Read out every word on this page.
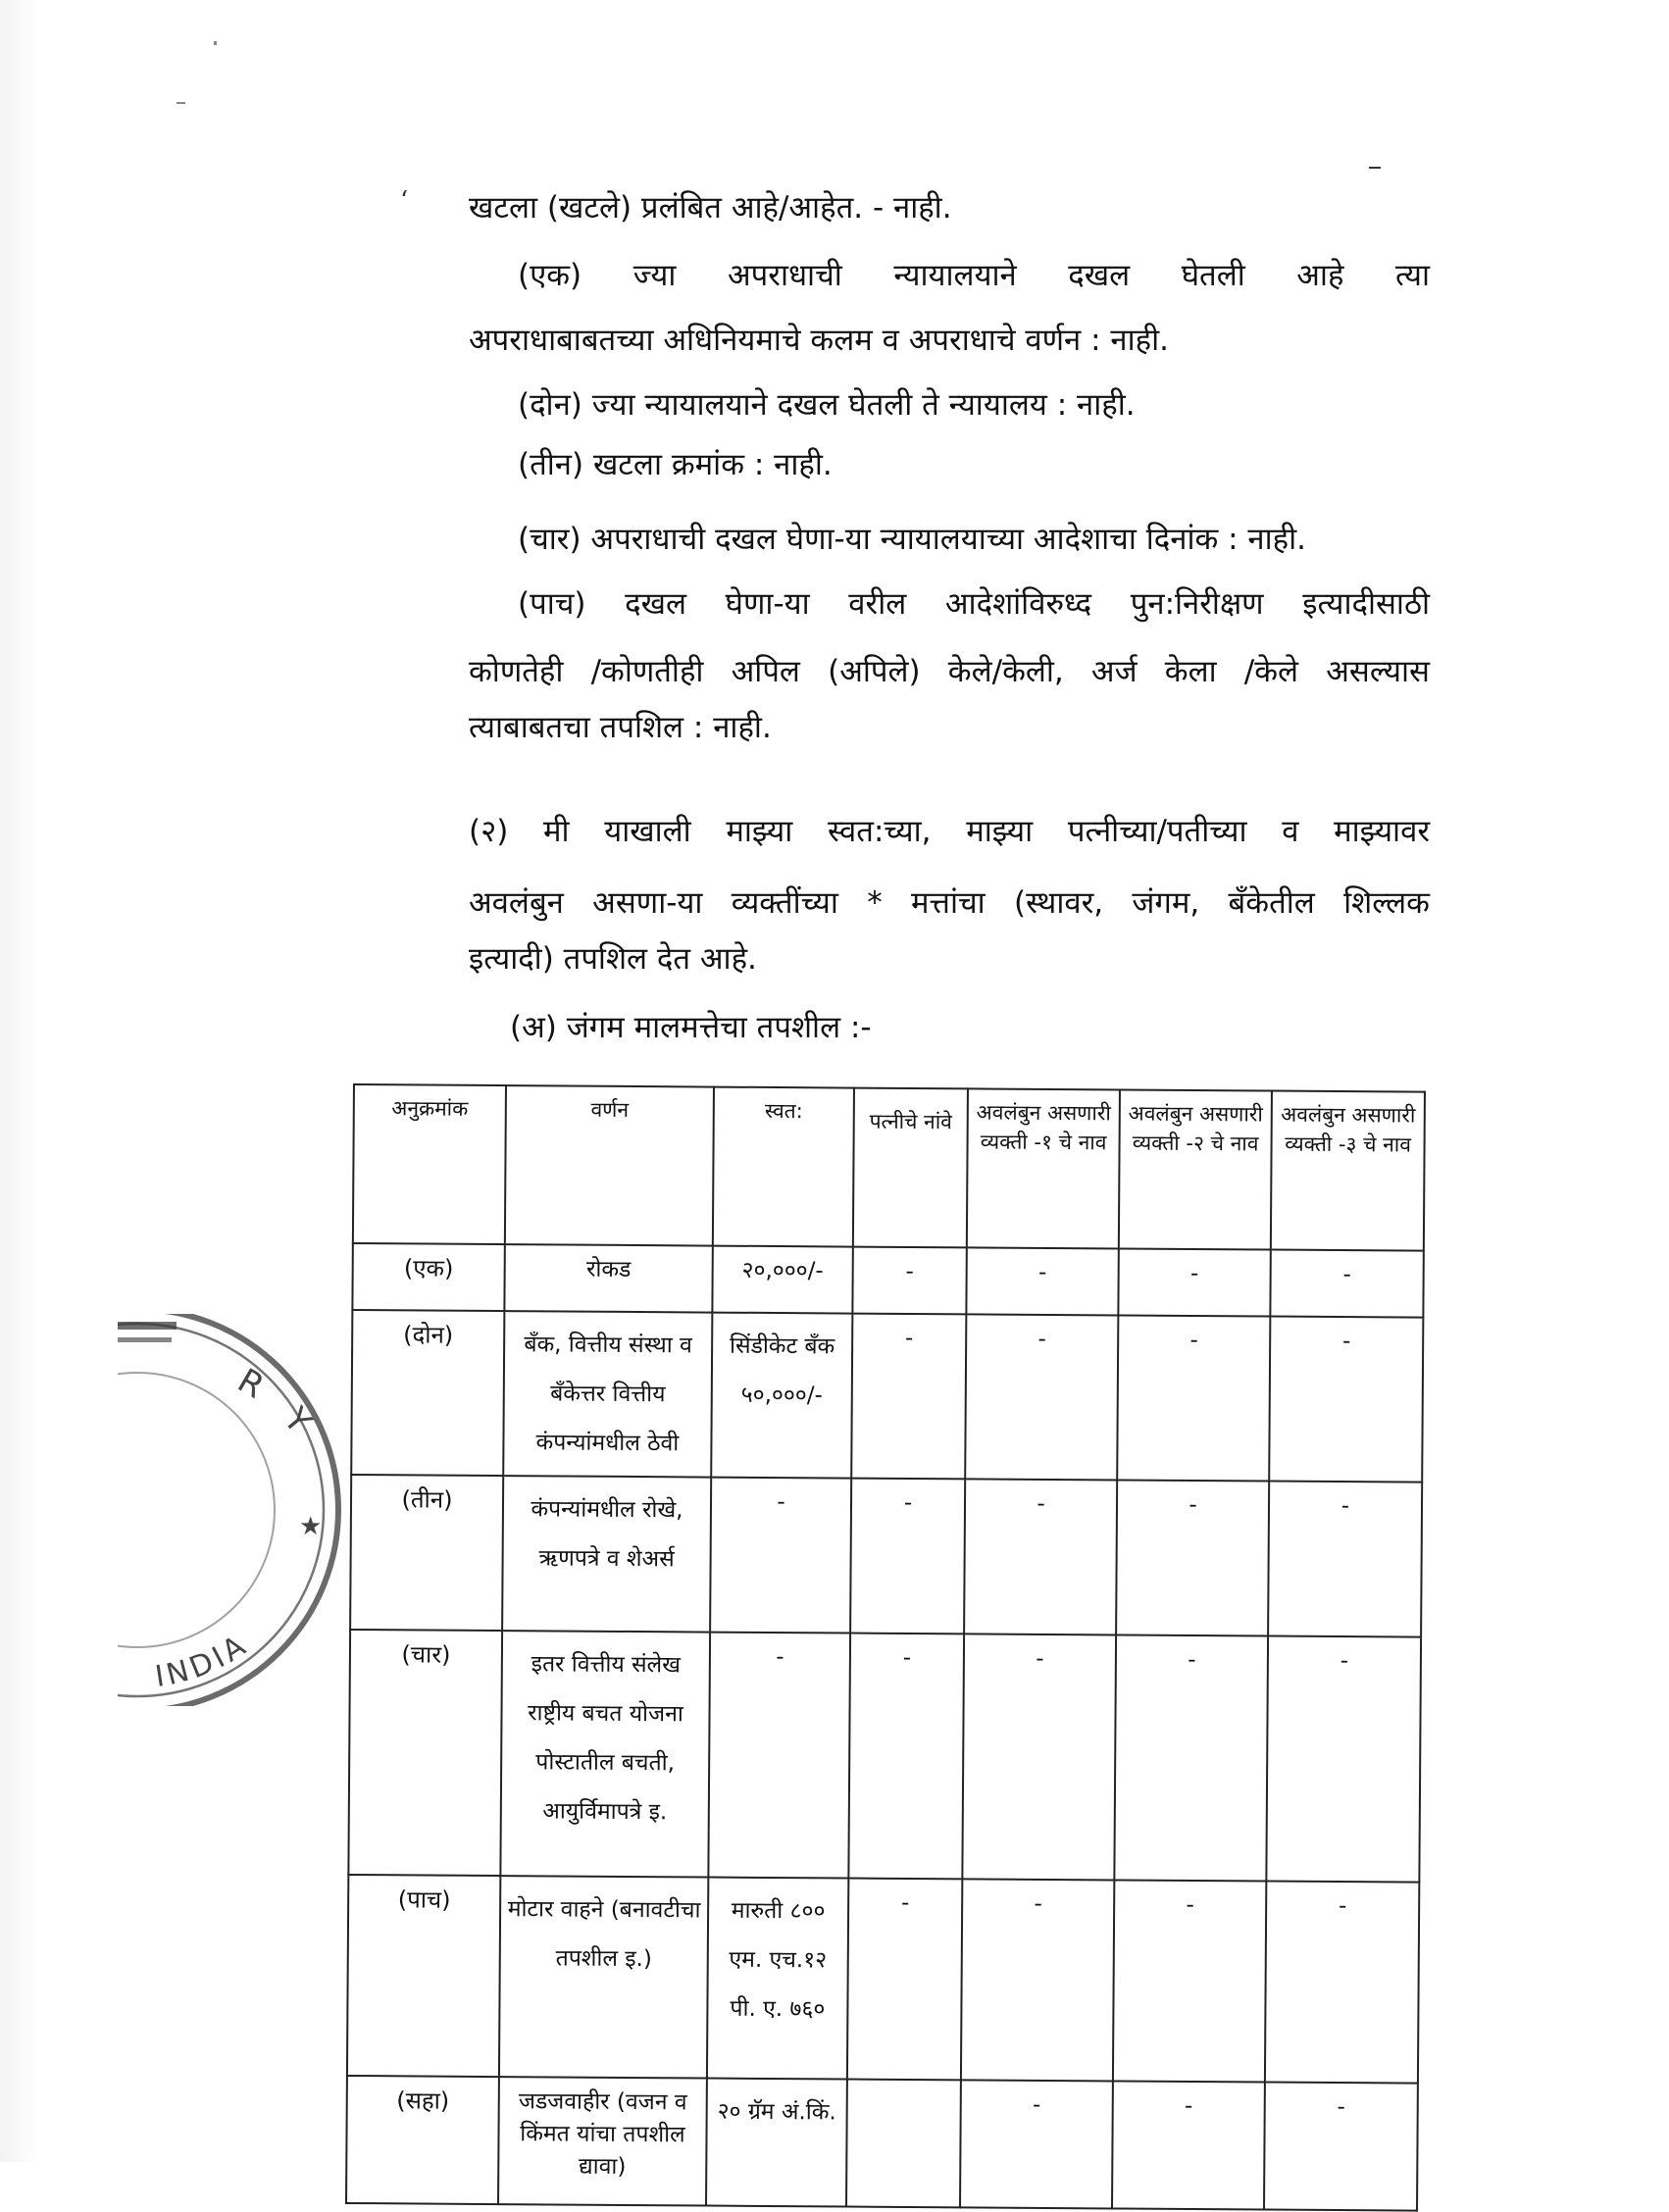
ʻ खटला (खटले) प्रलंबित आहे/आहेत. - नाही.

(एक) ज्या अपराधाची न्यायालयाने दखल घेतली आहे त्या

अपराधाबाबतच्या अधिनियमाचे कलम व अपराधाचे वर्णन : नाही.

(दोन) ज्या न्यायालयाने दखल घेतली ते न्यायालय : नाही.

(तीन) खटला क्रमांक : नाही.

(चार) अपराधाची दखल घेणा-या न्यायालयाच्या आदेशाचा दिनांक : नाही.

(पाच) दखल घेणा-या वरील आदेशांविरुध्द पुन:निरीक्षण इत्यादीसाठी

कोणतेही /कोणतीही अपिल (अपिले) केले/केली, अर्ज केला /केले असल्यास

त्याबाबतचा तपशिल : नाही.

(२) मी याखाली माझ्या स्वत:च्या, माझ्या पत्नीच्या/पतीच्या व माझ्यावर

अवलंबुन असणा-या व्यक्तींच्या * मत्तांचा (स्थावर, जंगम, बॅंकेतील शिल्लक

इत्यादी) तपशिल देत आहे.

(अ) जंगम मालमत्तेचा तपशील :-

अनुक्रमांक	वर्णन	स्वत:	पत्नीचे नांवे	अवलंबुन असणारी व्यक्ती -१ चे नाव	अवलंबुन असणारी व्यक्ती -२ चे नाव	अवलंबुन असणारी व्यक्ती -३ चे नाव
(एक)	रोकड	२०,०००/-	-	-	-	-
(दोन)	बॅंक, वित्तीय संस्था व बॅंकेत्तर वित्तीय कंपन्यांमधील ठेवी	सिंडीकेट बॅंक ५०,०००/-	-	-	-	-
(तीन)	कंपन्यांमधील रोखे, ऋणपत्रे व शेअर्स	-	-	-	-	-
(चार)	इतर वित्तीय संलेख राष्ट्रीय बचत योजना पोस्टातील बचती, आयुर्विमापत्रे इ.	-	-	-	-	-
(पाच)	मोटार वाहने (बनावटीचा तपशील इ.)	मारुती ८०० एम. एच.१२ पी. ए. ७६०	-	-	-	-
(सहा)	जडजवाहीर (वजन व किंमत यांचा तपशील द्यावा)	२० ग्रॅम अं.किं.		-	-	-
★
R
Y
INDIA
